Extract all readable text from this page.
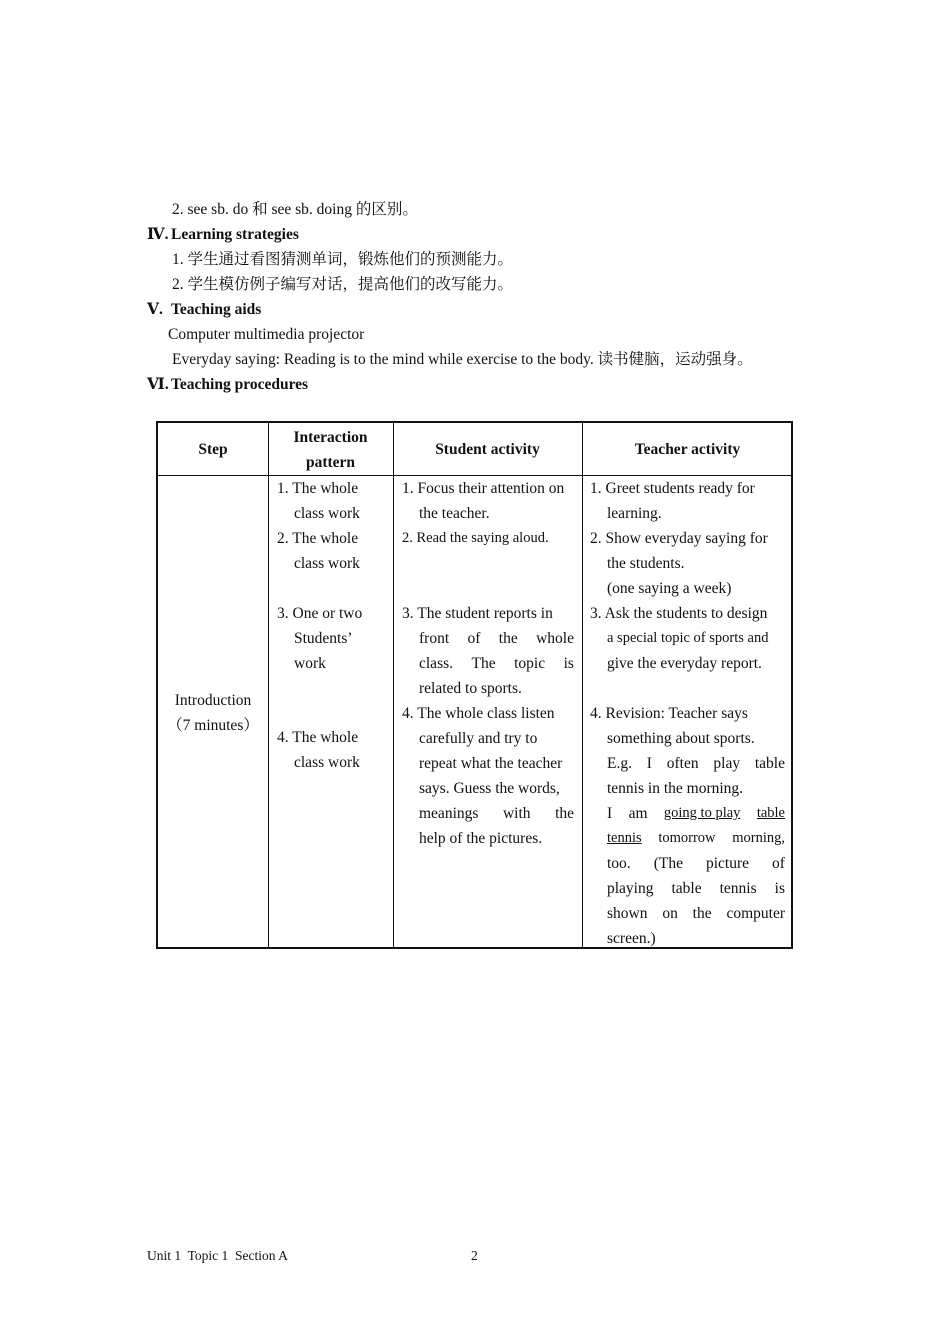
2. see sb. do 和 see sb. doing 的区别。
Ⅳ. Learning strategies
1. 学生通过看图猜测单词，锻炼他们的预测能力。
2. 学生模仿例子编写对话，提高他们的改写能力。
Ⅴ. Teaching aids
Computer multimedia projector
Everyday saying: Reading is to the mind while exercise to the body. 读书健脑，运动强身。
Ⅵ. Teaching procedures
Step
Interaction
pattern
Student activity	Teacher activity
Introduction
（7 minutes）
1. The whole
class work
2. The whole
class work
3. One or two
Students’
work
4. The whole
class work
1. Focus their attention on
the teacher.
2. Read the saying aloud.
3. The student reports in
front of the whole
class. The topic is
related to sports.
4. The whole class listen
carefully and try to
repeat what the teacher
says. Guess the words,
meanings with the
help of the pictures.
1. Greet students ready for
learning.
2. Show everyday saying for
the students.
(one saying a week)
3. Ask the students to design
a special topic of sports and
give the everyday report.
4. Revision: Teacher says
something about sports.
E.g. I often play table
tennis in the morning.
I am going to play table
tennis tomorrow morning,
too. (The picture of
playing table tennis is
shown on the computer
screen.)
Unit 1  Topic 1  Section A	2
